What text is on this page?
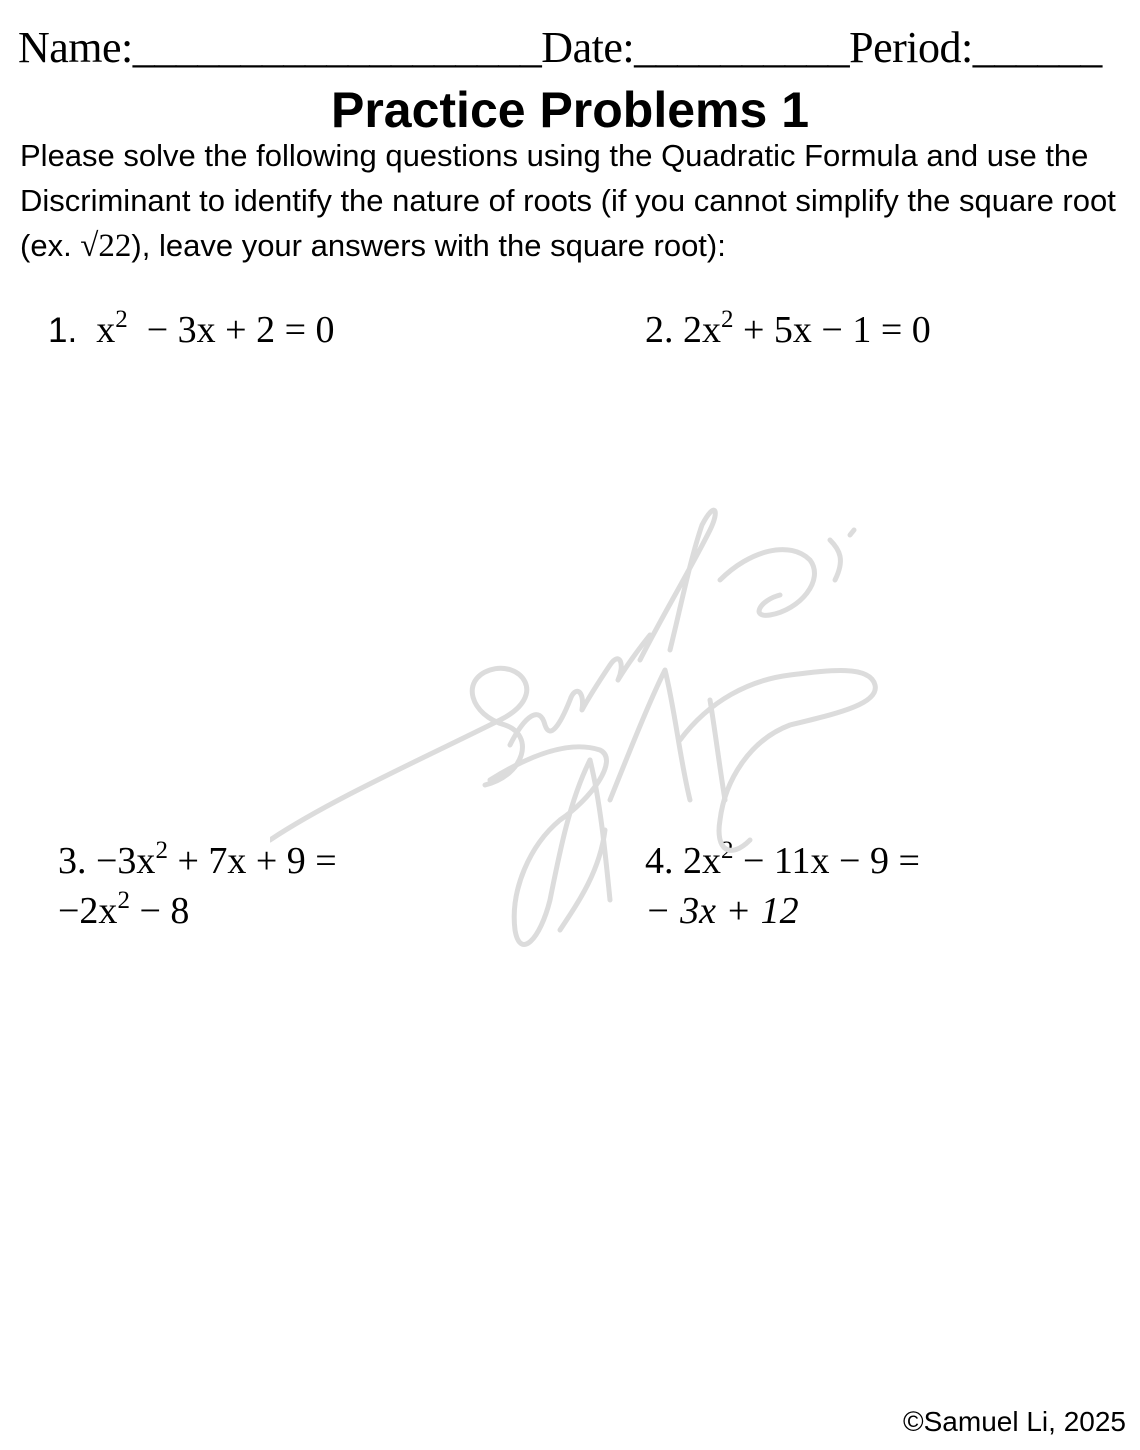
Name:___________________Date:__________Period:______
Practice Problems 1
Please solve the following questions using the Quadratic Formula and use the Discriminant to identify the nature of roots (if you cannot simplify the square root (ex. √22), leave your answers with the square root):
1. $x^2 - 3x + 2 = 0$	2. $2x^2 + 5x - 1 = 0$
3. $-3x^2 + 7x + 9$ =
$-2x^2 - 8$
4. $2x^2 - 11x - 9$ =
− 3x + 12
©Samuel Li, 2025
